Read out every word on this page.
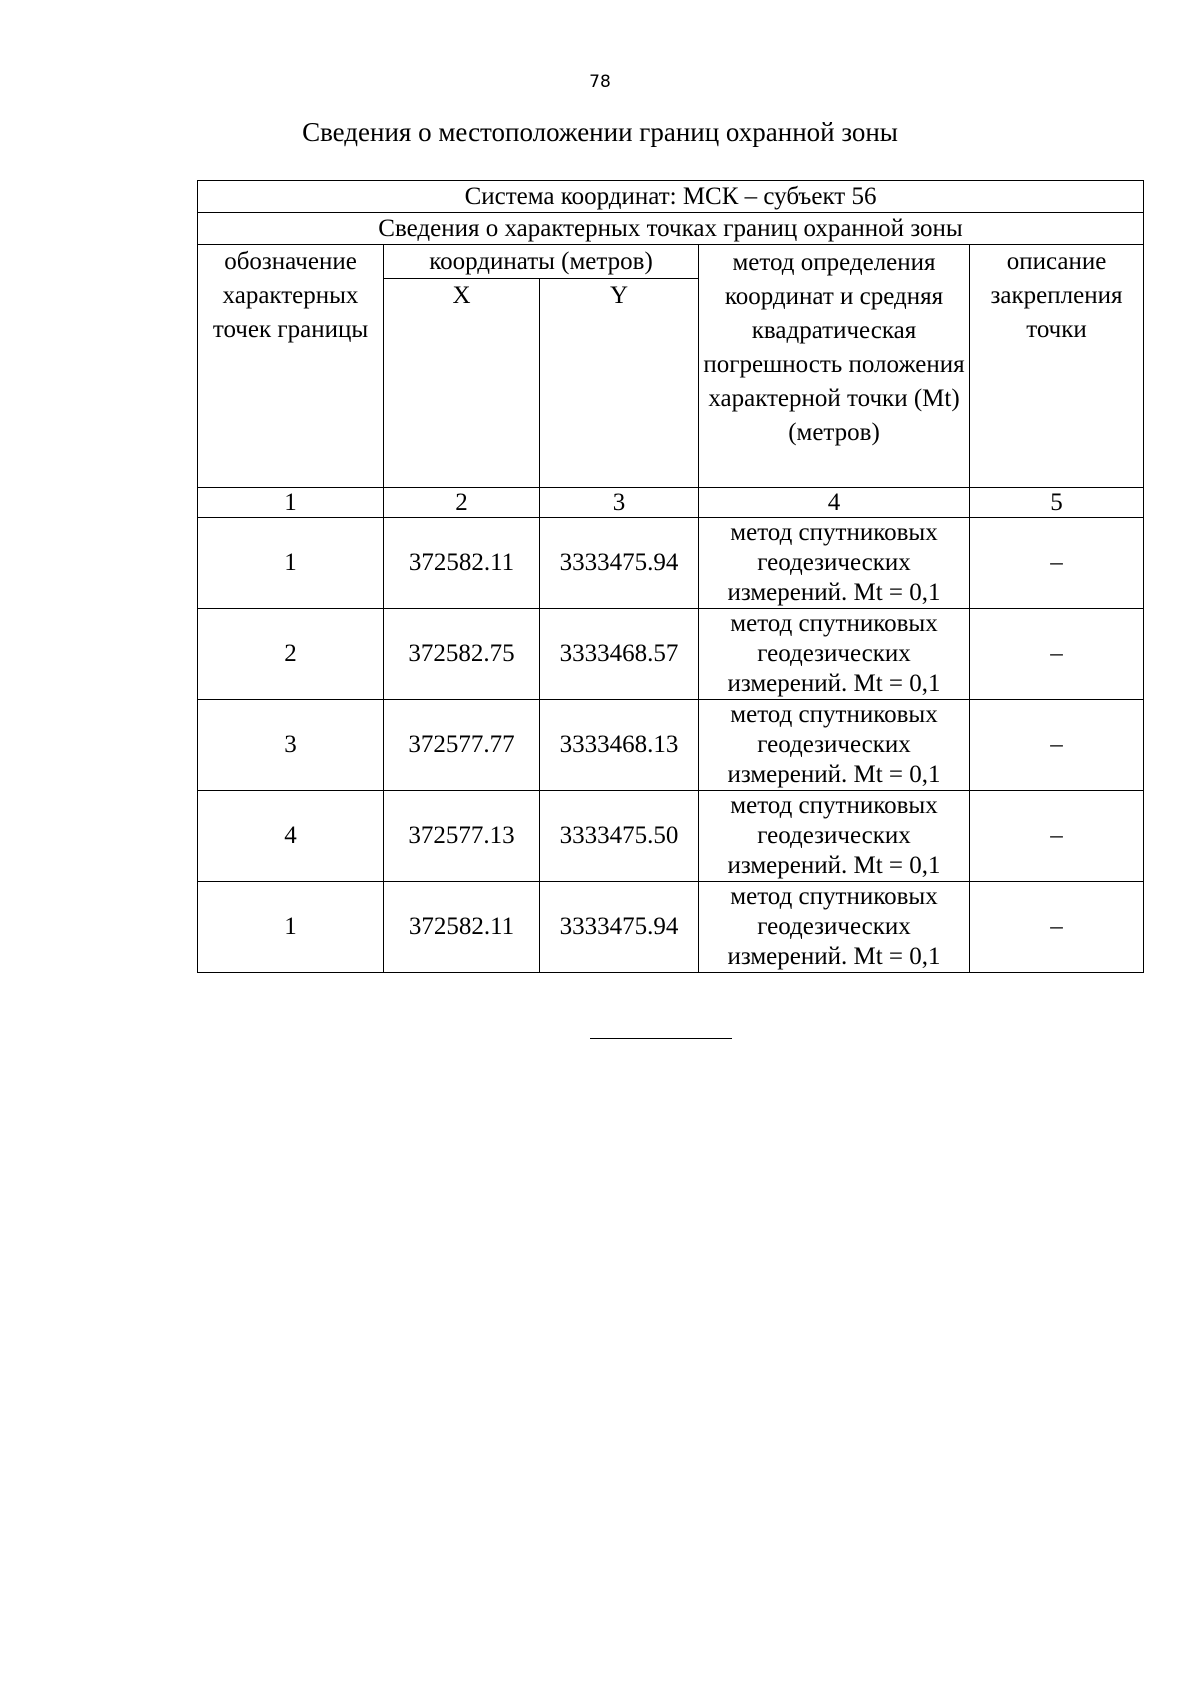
78
Сведения о местоположении границ охранной зоны
Система координат: МСК – субъект 56				
Сведения о характерных точках границ охранной зоны				
обозначение характерных точек границы	координаты (метров)		метод определения координат и средняя квадратическая погрешность положения характерной точки (Mt) (метров)	описание закрепления точки
	X	Y		
1	2	3	4	5
1	372582.11	3333475.94	метод спутниковых геодезических измерений. Mt = 0,1	–
2	372582.75	3333468.57	метод спутниковых геодезических измерений. Mt = 0,1	–
3	372577.77	3333468.13	метод спутниковых геодезических измерений. Mt = 0,1	–
4	372577.13	3333475.50	метод спутниковых геодезических измерений. Mt = 0,1	–
1	372582.11	3333475.94	метод спутниковых геодезических измерений. Mt = 0,1	–
